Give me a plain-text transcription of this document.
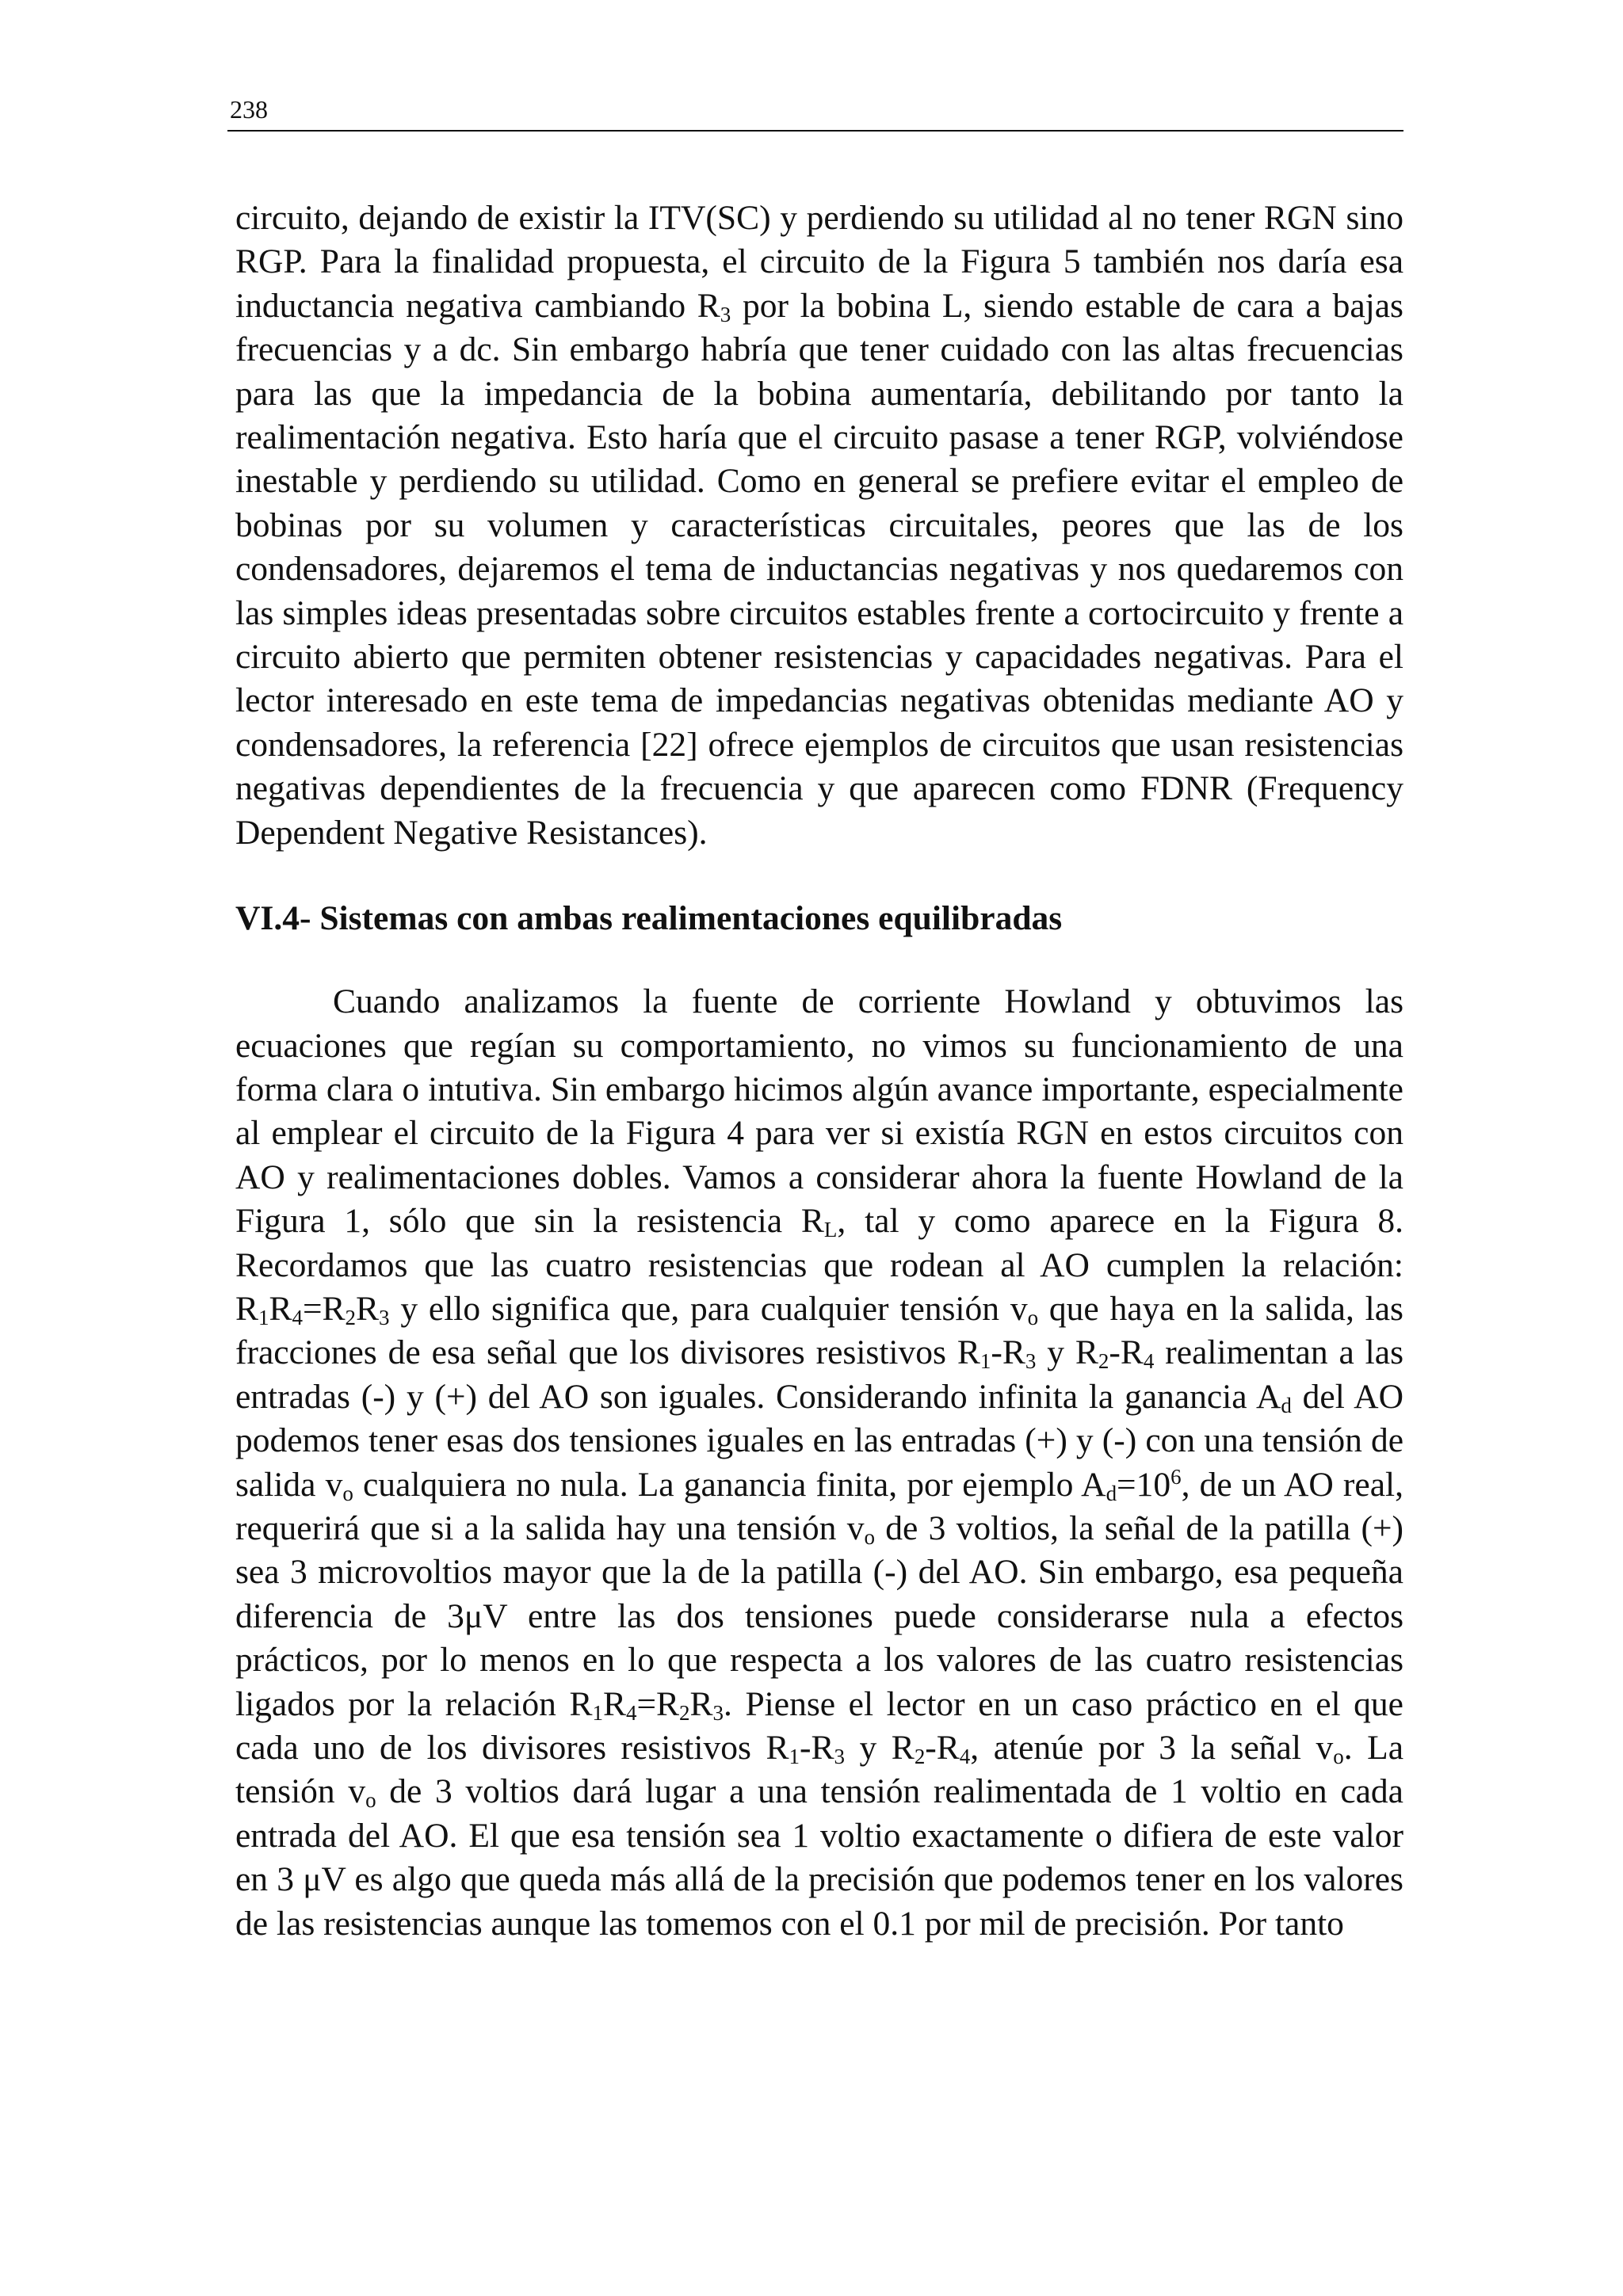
238

circuito, dejando de existir la ITV(SC) y perdiendo su utilidad al no tener RGN sino RGP. Para la finalidad propuesta, el circuito de la Figura 5 también nos daría esa inductancia negativa cambiando $R_3$ por la bobina L, siendo estable de cara a bajas frecuencias y a dc. Sin embargo habría que tener cuidado con las altas frecuencias para las que la impedancia de la bobina aumentaría, debilitando por tanto la realimentación negativa. Esto haría que el circuito pasase a tener RGP, volviéndose inestable y perdiendo su utilidad. Como en general se prefiere evitar el empleo de bobinas por su volumen y características circuitales, peores que las de los condensadores, dejaremos el tema de inductancias negativas y nos quedaremos con las simples ideas presentadas sobre circuitos estables frente a cortocircuito y frente a circuito abierto que permiten obtener resistencias y capacidades negativas. Para el lector interesado en este tema de impedancias negativas obtenidas mediante AO y condensadores, la referencia [22] ofrece ejemplos de circuitos que usan resistencias negativas dependientes de la frecuencia y que aparecen como FDNR (Frequency Dependent Negative Resistances).

VI.4- Sistemas con ambas realimentaciones equilibradas

Cuando analizamos la fuente de corriente Howland y obtuvimos las ecuaciones que regían su comportamiento, no vimos su funcionamiento de una forma clara o intutiva. Sin embargo hicimos algún avance importante, especialmente al emplear el circuito de la Figura 4 para ver si existía RGN en estos circuitos con AO y realimentaciones dobles. Vamos a considerar ahora la fuente Howland de la Figura 1, sólo que sin la resistencia $R_L$, tal y como aparece en la Figura 8. Recordamos que las cuatro resistencias que rodean al AO cumplen la relación: $R_1R_4=R_2R_3$ y ello significa que, para cualquier tensión $v_o$ que haya en la salida, las fracciones de esa señal que los divisores resistivos $R_1-R_3$ y $R_2-R_4$ realimentan a las entradas (-) y (+) del AO son iguales. Considerando infinita la ganancia $A_d$ del AO podemos tener esas dos tensiones iguales en las entradas (+) y (-) con una tensión de salida $v_o$ cualquiera no nula. La ganancia finita, por ejemplo $A_d=10^6$, de un AO real, requerirá que si a la salida hay una tensión $v_o$ de 3 voltios, la señal de la patilla (+) sea 3 microvoltios mayor que la de la patilla (-) del AO. Sin embargo, esa pequeña diferencia de 3μV entre las dos tensiones puede considerarse nula a efectos prácticos, por lo menos en lo que respecta a los valores de las cuatro resistencias ligados por la relación $R_1R_4=R_2R_3$. Piense el lector en un caso práctico en el que cada uno de los divisores resistivos $R_1-R_3$ y $R_2-R_4$, atenúe por 3 la señal $v_o$. La tensión $v_o$ de 3 voltios dará lugar a una tensión realimentada de 1 voltio en cada entrada del AO. El que esa tensión sea 1 voltio exactamente o difiera de este valor en 3 μV es algo que queda más allá de la precisión que podemos tener en los valores de las resistencias aunque las tomemos con el 0.1 por mil de precisión. Por tanto
